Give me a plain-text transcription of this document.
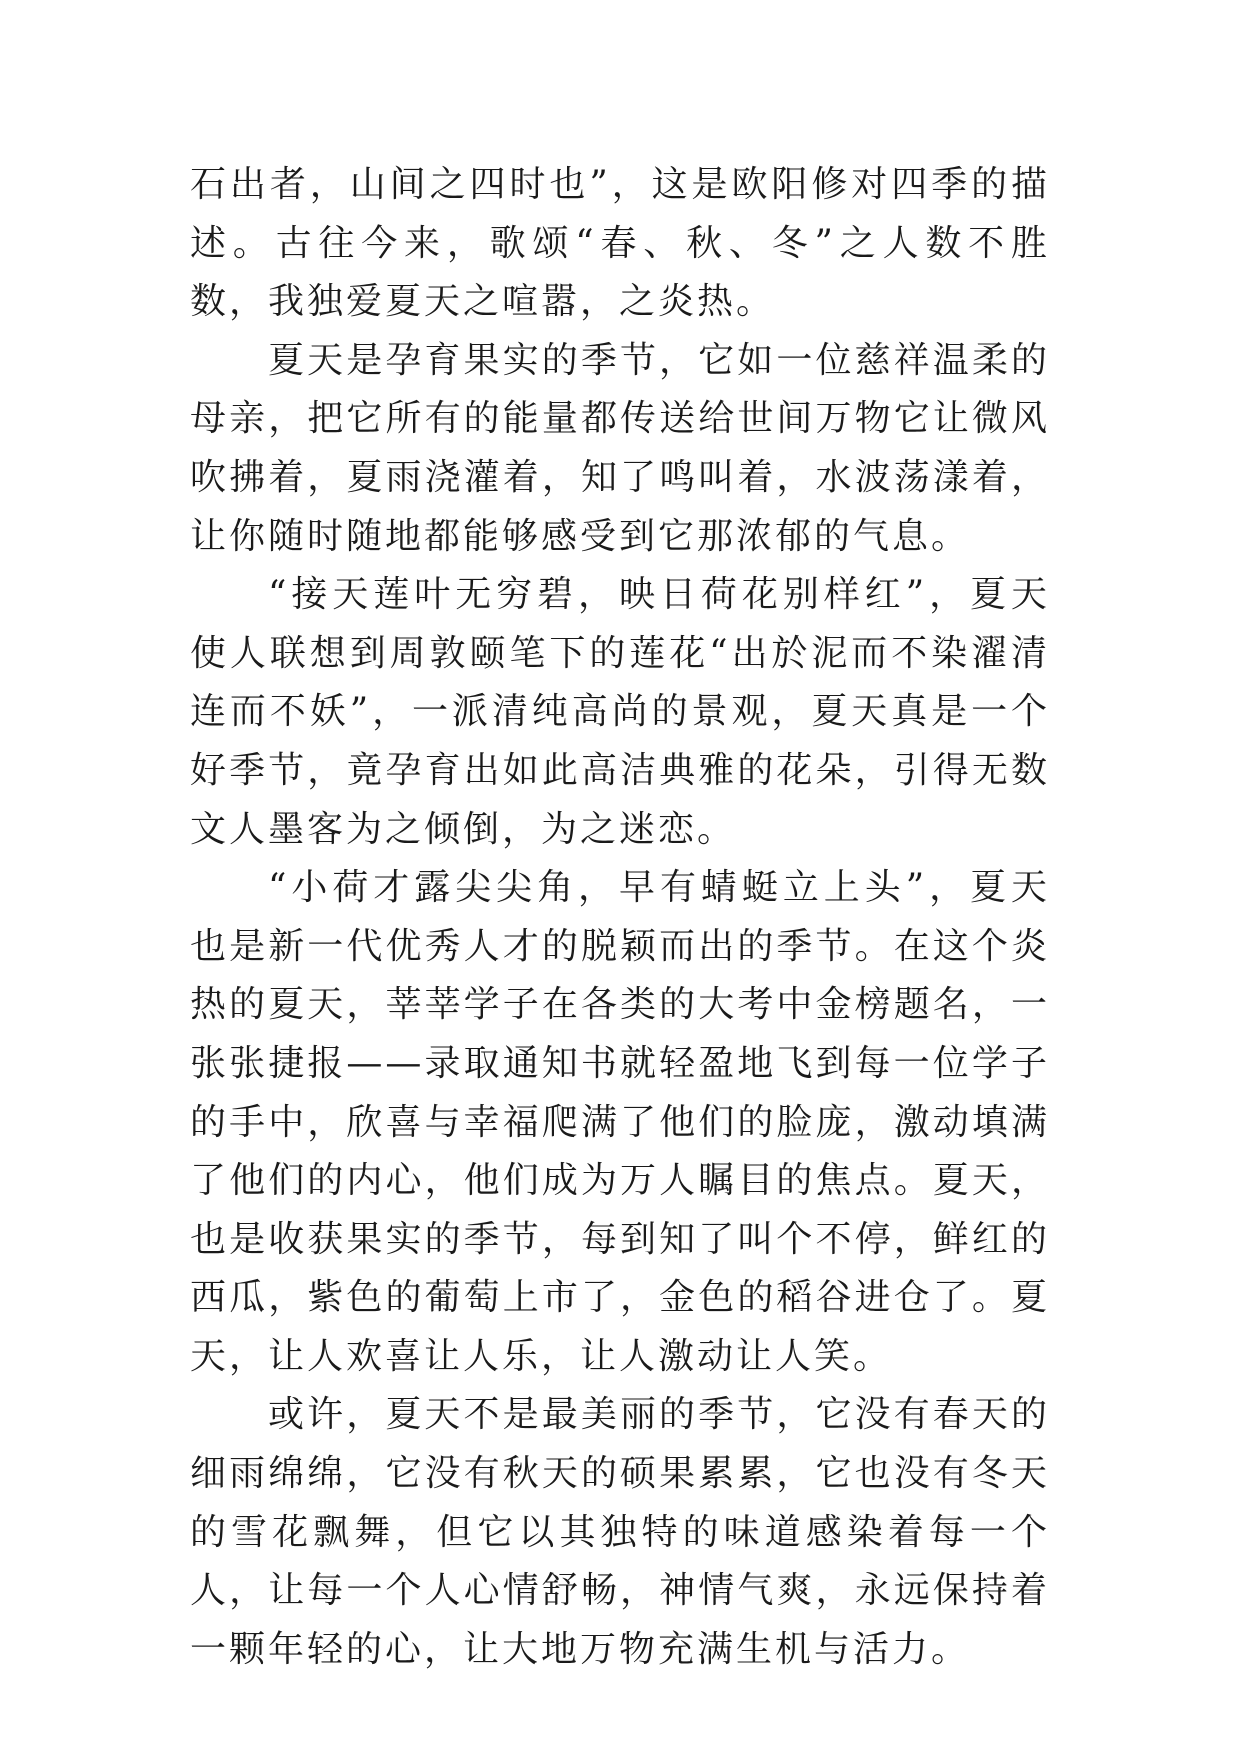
石出者，山间之四时也”，这是欧阳修对四季的描述。古往今来，歌颂“春、秋、冬”之人数不胜数，我独爱夏天之喧嚣，之炎热。

夏天是孕育果实的季节，它如一位慈祥温柔的母亲，把它所有的能量都传送给世间万物它让微风吹拂着，夏雨浇灌着，知了鸣叫着，水波荡漾着，让你随时随地都能够感受到它那浓郁的气息。

“接天莲叶无穷碧，映日荷花别样红”，夏天使人联想到周敦颐笔下的莲花“出於泥而不染濯清连而不妖”，一派清纯高尚的景观，夏天真是一个好季节，竟孕育出如此高洁典雅的花朵，引得无数文人墨客为之倾倒，为之迷恋。

“小荷才露尖尖角，早有蜻蜓立上头”，夏天也是新一代优秀人才的脱颖而出的季节。在这个炎热的夏天，莘莘学子在各类的大考中金榜题名，一张张捷报——录取通知书就轻盈地飞到每一位学子的手中，欣喜与幸福爬满了他们的脸庞，激动填满了他们的内心，他们成为万人瞩目的焦点。夏天，也是收获果实的季节，每到知了叫个不停，鲜红的西瓜，紫色的葡萄上市了，金色的稻谷进仓了。夏天，让人欢喜让人乐，让人激动让人笑。

或许，夏天不是最美丽的季节，它没有春天的细雨绵绵，它没有秋天的硕果累累，它也没有冬天的雪花飘舞，但它以其独特的味道感染着每一个人，让每一个人心情舒畅，神情气爽，永远保持着一颗年轻的心，让大地万物充满生机与活力。
